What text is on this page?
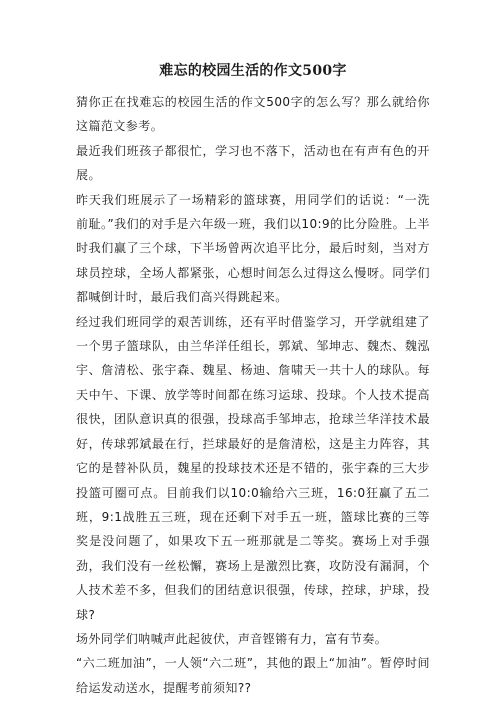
难忘的校园生活的作文500字

猜你正在找难忘的校园生活的作文500字的怎么写？那么就给你这篇范文参考。

最近我们班孩子都很忙，学习也不落下，活动也在有声有色的开展。

昨天我们班展示了一场精彩的篮球赛，用同学们的话说：“一洗前耻。”我们的对手是六年级一班，我们以10:9的比分险胜。上半时我们赢了三个球，下半场曾两次追平比分，最后时刻，当对方球员控球，全场人都紧张，心想时间怎么过得这么慢呀。同学们都喊倒计时，最后我们高兴得跳起来。

经过我们班同学的艰苦训练，还有平时借鉴学习，开学就组建了一个男子篮球队，由兰华洋任组长，郭斌、邹坤志、魏杰、魏泓宇、詹清松、张宇森、魏星、杨迪、詹啸天一共十人的球队。每天中午、下课、放学等时间都在练习运球、投球。个人技术提高很快，团队意识真的很强，投球高手邹坤志，抢球兰华洋技术最好，传球郭斌最在行，拦球最好的是詹清松，这是主力阵容，其它的是替补队员，魏星的投球技术还是不错的，张宇森的三大步投篮可圈可点。目前我们以10:0输给六三班，16:0狂赢了五二班，9:1战胜五三班，现在还剩下对手五一班，篮球比赛的三等奖是没问题了，如果攻下五一班那就是二等奖。赛场上对手强劲，我们没有一丝松懈，赛场上是激烈比赛，攻防没有漏洞，个人技术差不多，但我们的团结意识很强，传球，控球，护球，投球?

场外同学们呐喊声此起彼伏，声音铿锵有力，富有节奏。

“六二班加油”，一人领“六二班”，其他的跟上“加油”。暂停时间给运发动送水，提醒考前须知??
